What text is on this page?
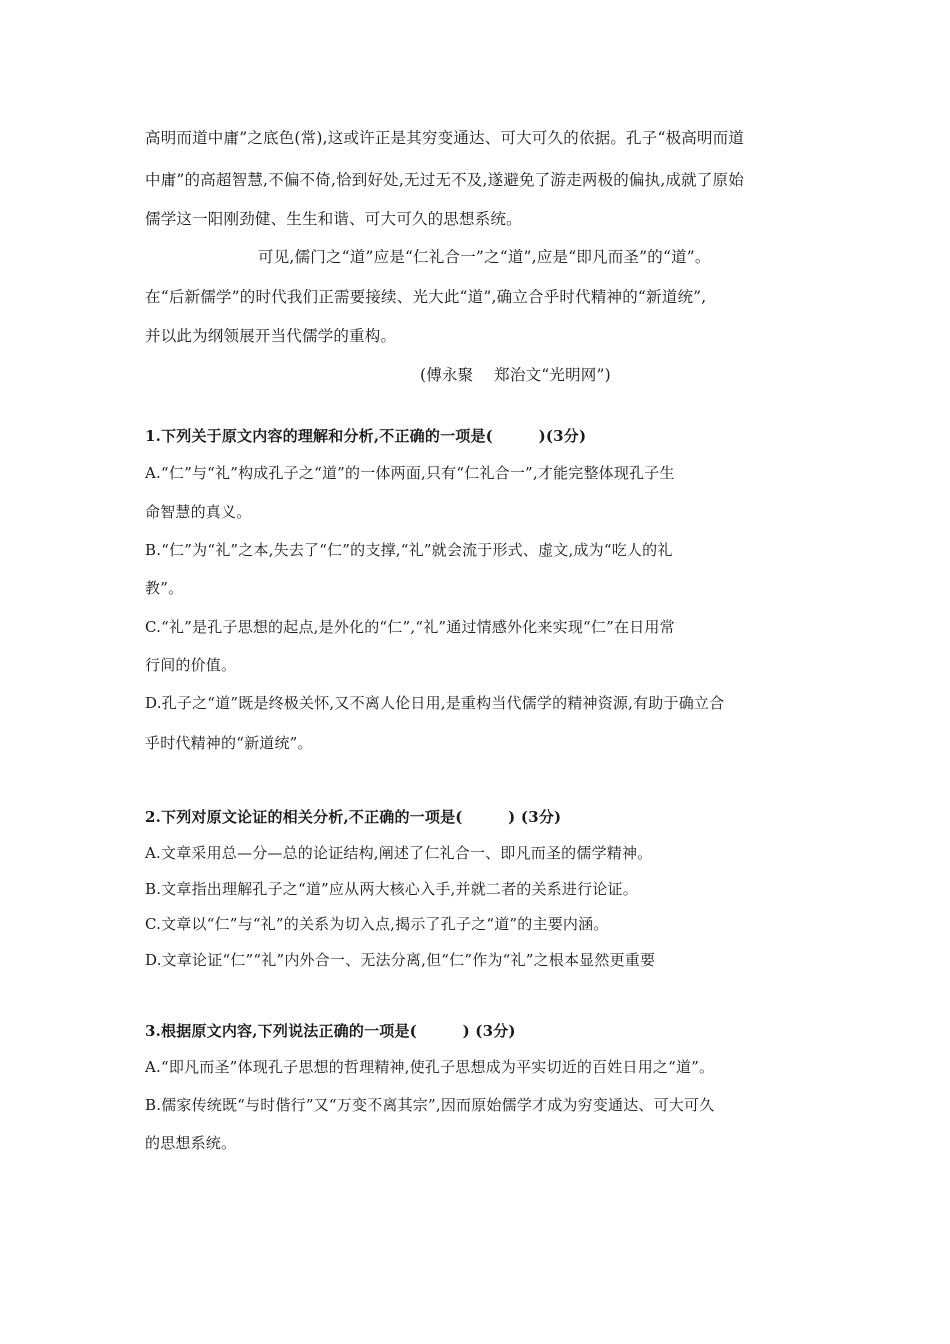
高明而道中庸”之底色(常),这或许正是其穷变通达、可大可久的依据。孔子“极高明而道
中庸”的高超智慧,不偏不倚,恰到好处,无过无不及,遂避免了游走两极的偏执,成就了原始
儒学这一阳刚劲健、生生和谐、可大可久的思想系统。
可见,儒门之“道”应是“仁礼合一”之“道”,应是“即凡而圣”的“道”。
在“后新儒学”的时代我们正需要接续、光大此“道”,确立合乎时代精神的“新道统”,
并以此为纲领展开当代儒学的重构。
(傅永聚　 郑治文“光明网”)
1.下列关于原文内容的理解和分析,不正确的一项是(　　　)(3分)
A.“仁”与“礼”构成孔子之“道”的一体两面,只有“仁礼合一”,才能完整体现孔子生
命智慧的真义。
B.“仁”为“礼”之本,失去了“仁”的支撑,“礼”就会流于形式、虚文,成为“吃人的礼
教”。
C.“礼”是孔子思想的起点,是外化的“仁”,“礼”通过情感外化来实现“仁”在日用常
行间的价值。
D.孔子之“道”既是终极关怀,又不离人伦日用,是重构当代儒学的精神资源,有助于确立合
乎时代精神的“新道统”。
2.下列对原文论证的相关分析,不正确的一项是(　　　) (3分)
A.文章采用总—分—总的论证结构,阐述了仁礼合一、即凡而圣的儒学精神。
B.文章指出理解孔子之“道”应从两大核心入手,并就二者的关系进行论证。
C.文章以“仁”与“礼”的关系为切入点,揭示了孔子之“道”的主要内涵。
D.文章论证“仁”“礼”内外合一、无法分离,但“仁”作为“礼”之根本显然更重要
3.根据原文内容,下列说法正确的一项是(　　　) (3分)
A.“即凡而圣”体现孔子思想的哲理精神,使孔子思想成为平实切近的百姓日用之“道”。
B.儒家传统既“与时偕行”又“万变不离其宗”,因而原始儒学才成为穷变通达、可大可久
的思想系统。
